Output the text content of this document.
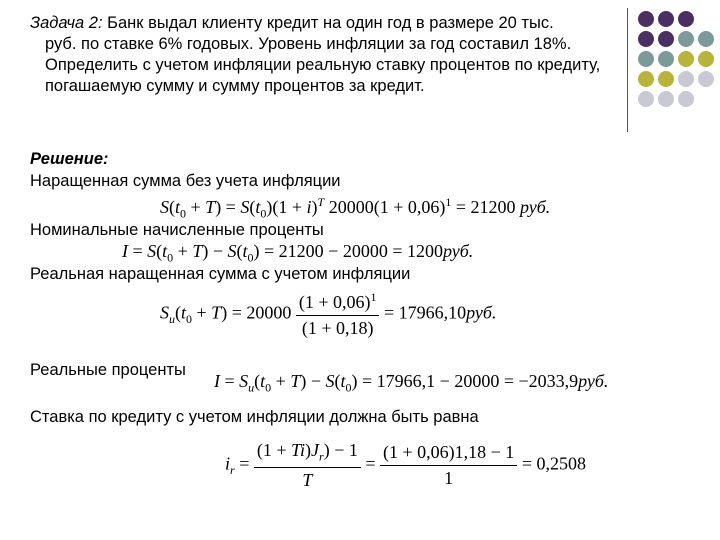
Задача 2: Банк выдал клиенту кредит на один год в размере 20 тыс.
руб. по ставке 6% годовых. Уровень инфляции за год составил 18%. Определить с учетом инфляции реальную ставку процентов по кредиту, погашаемую сумму и сумму процентов за кредит.

Решение:
Наращенная сумма без учета инфляции
$S(t_0 + T) = S(t_0)(1 + i)^T$ $20000(1 + 0,06)^1 = 21200$ руб.
Номинальные начисленные проценты
$I = S(t_0 + T) - S(t_0) = 21200 - 20000 = 1200руб$.
Реальная наращенная сумма с учетом инфляции
$S_u(t_0 + T) = 20000 \frac{(1 + 0,06)^1}{(1 + 0,18)} = 17966,10руб$.
Реальные проценты
$I = S_u(t_0 + T) - S(t_0) = 17966,1 - 20000 = -2033,9руб$.
Ставка по кредиту с учетом инфляции должна быть равна
$i_r = \frac{(1 + Ti)J_r) - 1}{T} = \frac{(1 + 0,06)1,18 - 1}{1} = 0,2508$
